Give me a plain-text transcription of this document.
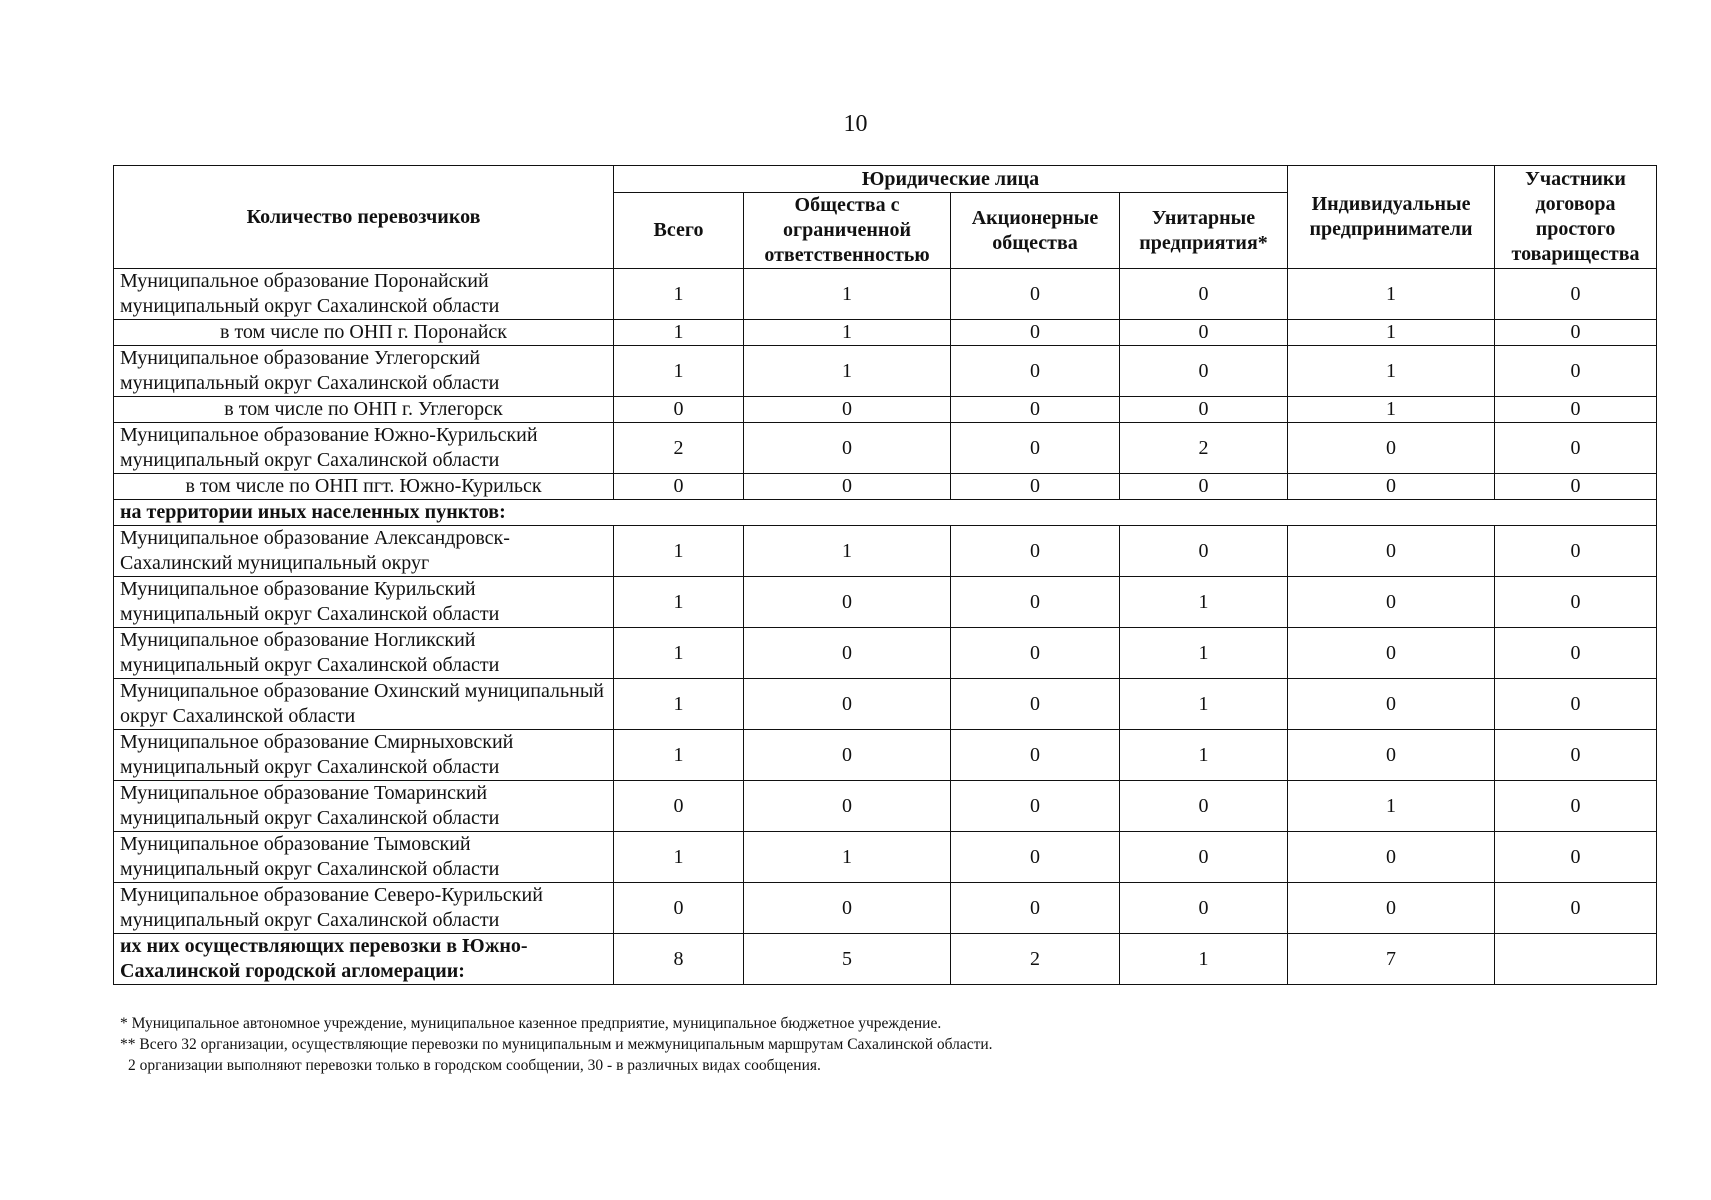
10
Количество перевозчиков	Юридические лица				Индивидуальные предприниматели	Участники договора простого товарищества
	Всего	Общества с ограниченной ответственностью	Акционерные общества	Унитарные предприятия*		
Муниципальное образование Поронайский муниципальный округ Сахалинской области	1	1	0	0	1	0
в том числе по ОНП г. Поронайск	1	1	0	0	1	0
Муниципальное образование Углегорский муниципальный округ Сахалинской области	1	1	0	0	1	0
в том числе по ОНП г. Углегорск	0	0	0	0	1	0
Муниципальное образование Южно-Курильский муниципальный округ Сахалинской области	2	0	0	2	0	0
в том числе по ОНП пгт. Южно-Курильск	0	0	0	0	0	0
на территории иных населенных пунктов:						
Муниципальное образование Александровск-Сахалинский муниципальный округ	1	1	0	0	0	0
Муниципальное образование Курильский муниципальный округ Сахалинской области	1	0	0	1	0	0
Муниципальное образование Ногликский муниципальный округ Сахалинской области	1	0	0	1	0	0
Муниципальное образование Охинский муниципальный округ Сахалинской области	1	0	0	1	0	0
Муниципальное образование Смирныховский муниципальный округ Сахалинской области	1	0	0	1	0	0
Муниципальное образование Томаринский муниципальный округ Сахалинской области	0	0	0	0	1	0
Муниципальное образование Тымовский муниципальный округ Сахалинской области	1	1	0	0	0	0
Муниципальное образование Северо-Курильский муниципальный округ Сахалинской области	0	0	0	0	0	0
их них осуществляющих перевозки в Южно-Сахалинской городской агломерации:	8	5	2	1	7	
* Муниципальное автономное учреждение, муниципальное казенное предприятие, муниципальное бюджетное учреждение.
** Всего 32 организации, осуществляющие перевозки по муниципальным и межмуниципальным маршрутам Сахалинской области.
2 организации выполняют перевозки только в городском сообщении, 30 - в различных видах сообщения.
